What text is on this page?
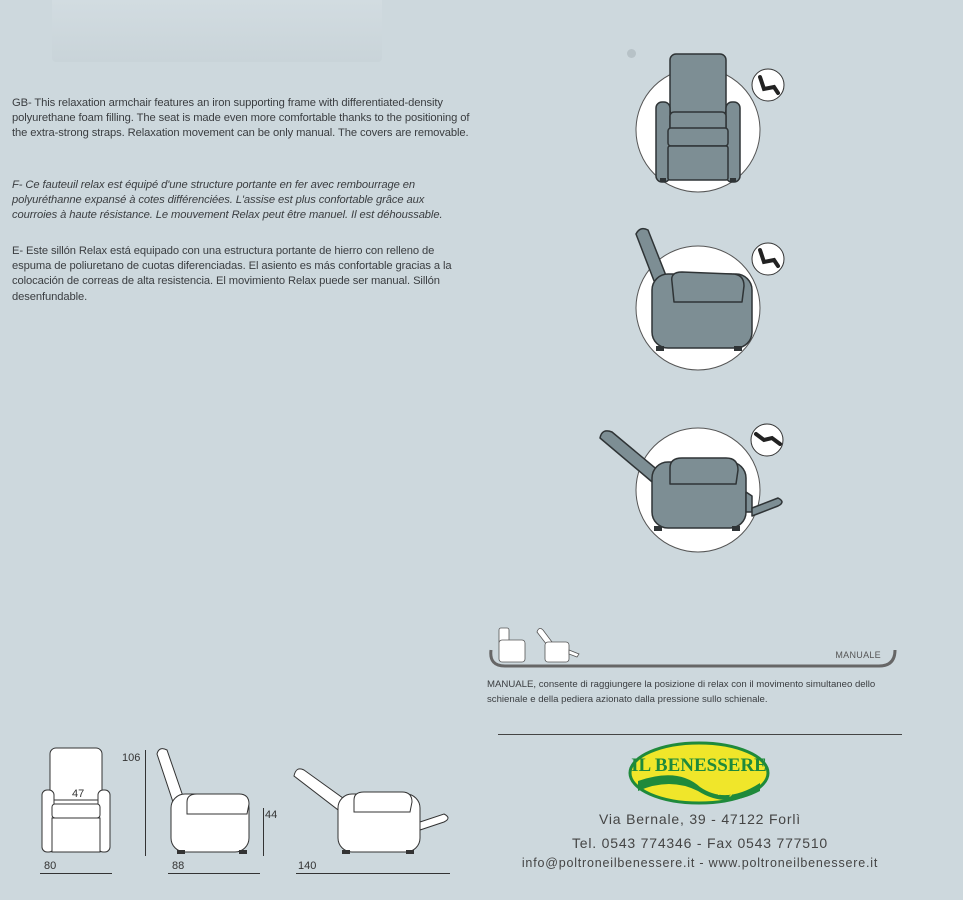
GB- This relaxation armchair features an iron supporting frame with differentiated-density polyurethane foam filling. The seat is made even more comfortable thanks to the positioning of the extra-strong straps. Relaxation movement can be only manual. The covers are removable.

F- Ce fauteuil relax est équipé d'une structure portante en fer avec rembourrage en polyuréthanne expansé à cotes différenciées. L'assise est plus confortable grâce aux courroies à haute résistance. Le mouvement Relax peut être manuel. Il est déhoussable.

E- Este sillón Relax está equipado con una estructura portante de hierro con relleno de espuma de poliuretano de cuotas diferenciadas. El asiento es más confortable gracias a la colocación de correas de alta resistencia. El movimiento Relax puede ser manual. Sillón desenfundable.

MANUALE

MANUALE, consente di raggiungere la posizione di relax con il movimento simultaneo dello schienale e della pediera azionato dalla pressione sullo schienale.

IL BENESSERE
Italy

Via Bernale, 39 - 47122 Forlì

Tel. 0543 774346 - Fax 0543 777510

info@poltroneilbenessere.it - www.poltroneilbenessere.it

47
80
106
44
88	140
